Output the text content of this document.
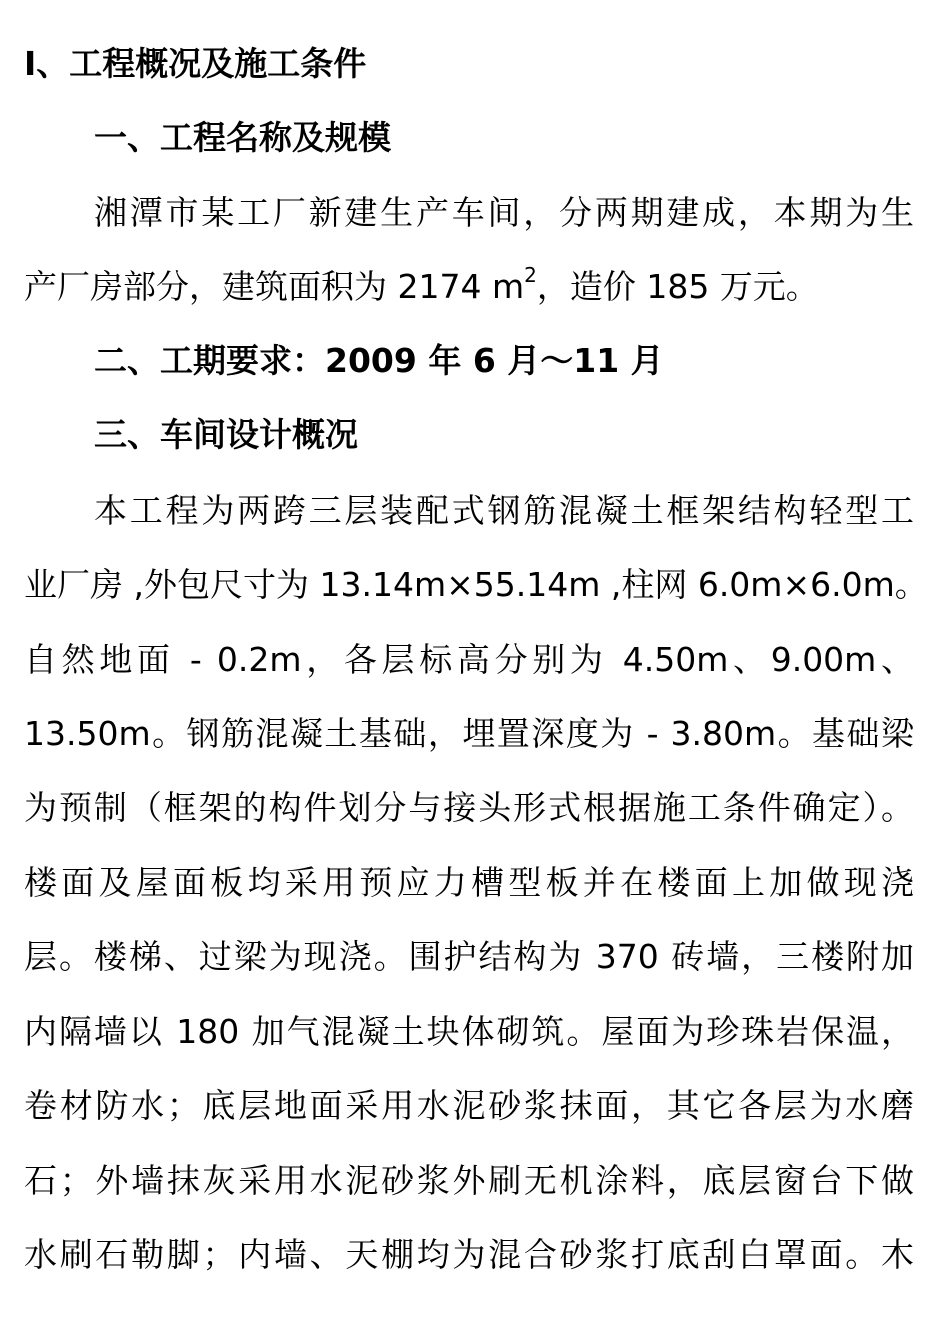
I、工程概况及施工条件
一、工程名称及规模
湘潭市某工厂新建生产车间，分两期建成，本期为生
产厂房部分，建筑面积为 2174 $m^2$，造价 185 万元。
二、工期要求：2009 年 6 月～11 月
三、车间设计概况
本工程为两跨三层装配式钢筋混凝土框架结构轻型工
业厂房 ,外包尺寸为 13.14m×55.14m ,柱网 6.0m×6.0m。
自然地面 - 0.2m，各层标高分别为 4.50m、9.00m、
13.50m。钢筋混凝土基础，埋置深度为 - 3.80m。基础梁
为预制（框架的构件划分与接头形式根据施工条件确定）。
楼面及屋面板均采用预应力槽型板并在楼面上加做现浇
层。楼梯、过梁为现浇。围护结构为 370 砖墙，三楼附加
内隔墙以 180 加气混凝土块体砌筑。屋面为珍珠岩保温，
卷材防水；底层地面采用水泥砂浆抹面，其它各层为水磨
石；外墙抹灰采用水泥砂浆外刷无机涂料，底层窗台下做
水刷石勒脚；内墙、天棚均为混合砂浆打底刮白罩面。木
